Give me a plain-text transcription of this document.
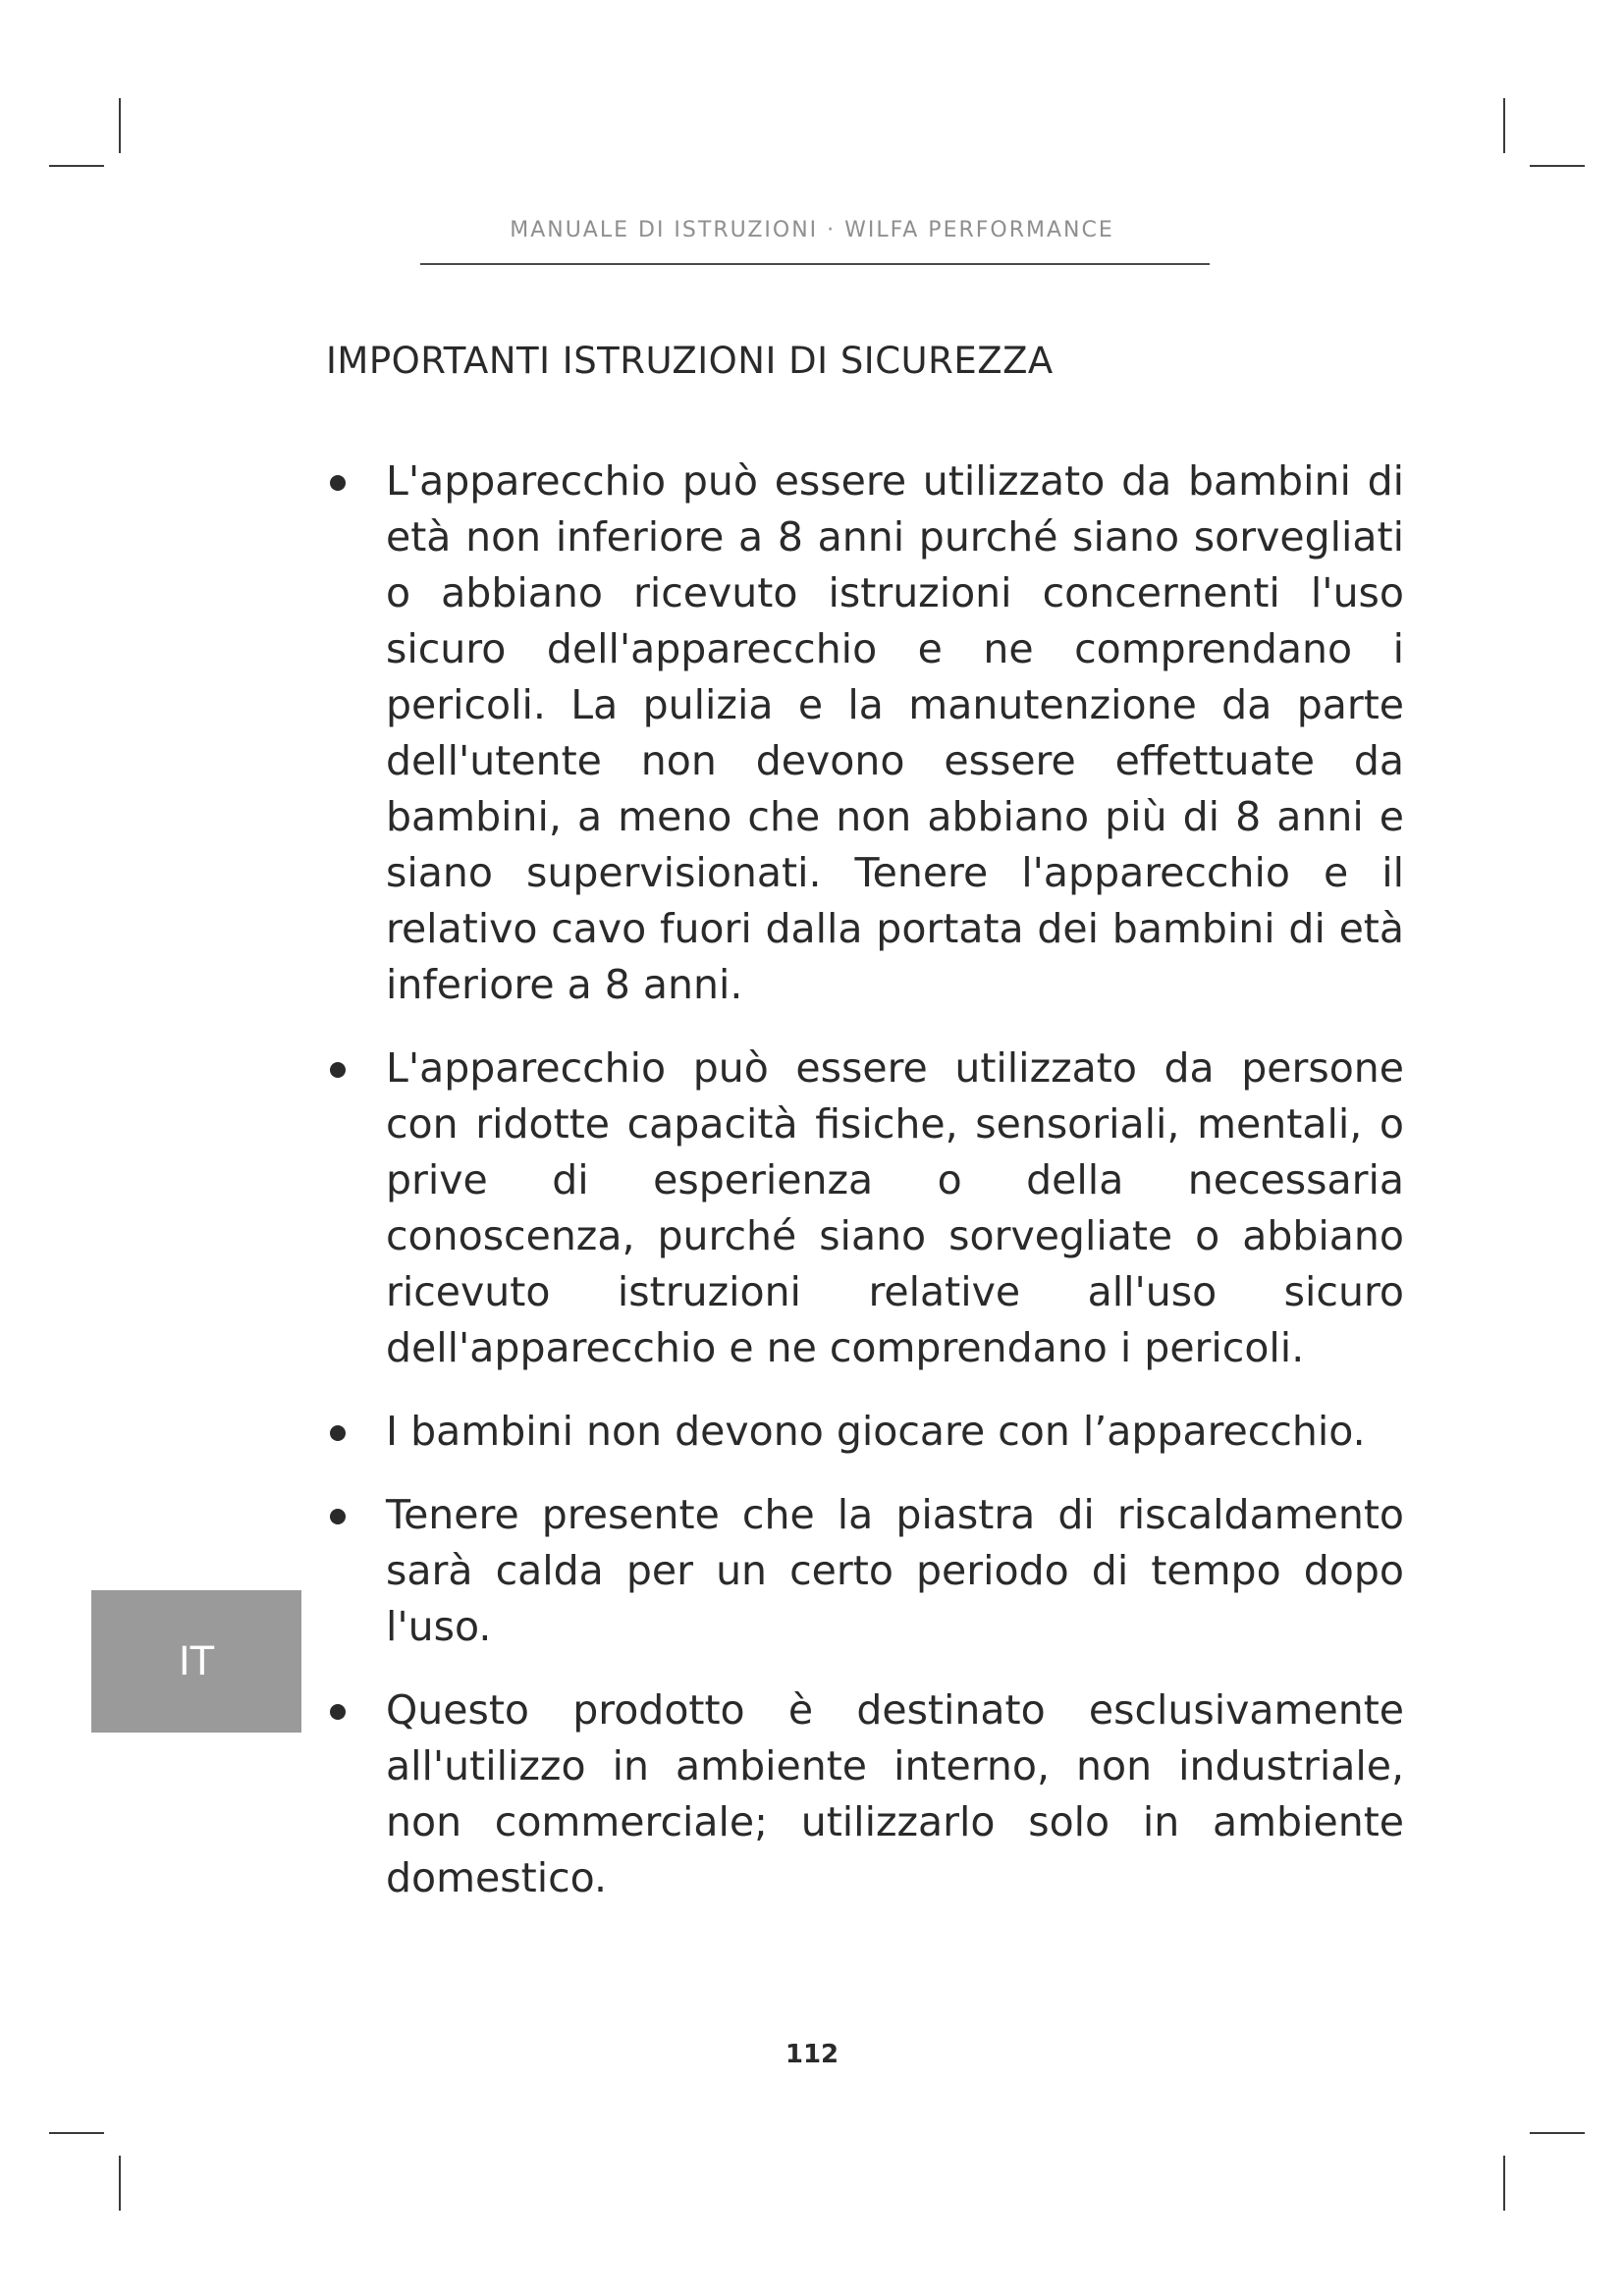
MANUALE DI ISTRUZIONI · WILFA PERFORMANCE
IMPORTANTI ISTRUZIONI DI SICUREZZA
L'apparecchio può essere utilizzato da bambini di età non inferiore a 8 anni purché siano sorvegliati o abbiano ricevuto istruzioni concernenti l'uso sicuro dell'apparecchio e ne comprendano i pericoli. La pulizia e la manutenzione da parte dell'utente non devono essere effettuate da bambini, a meno che non abbiano più di 8 anni e siano supervisionati. Tenere l'apparecchio e il relativo cavo fuori dalla portata dei bambini di età inferiore a 8 anni.
L'apparecchio può essere utilizzato da persone con ridotte capacità fisiche, sensoriali, mentali, o prive di esperienza o della necessaria conoscenza, purché siano sorvegliate o abbiano ricevuto istruzioni relative all'uso sicuro dell'apparecchio e ne comprendano i pericoli.
I bambini non devono giocare con l’apparecchio.
Tenere presente che la piastra di riscaldamento sarà calda per un certo periodo di tempo dopo l'uso.
Questo prodotto è destinato esclusivamente all'utilizzo in ambiente interno, non industriale, non commerciale; utilizzarlo solo in ambiente domestico.
IT
112
